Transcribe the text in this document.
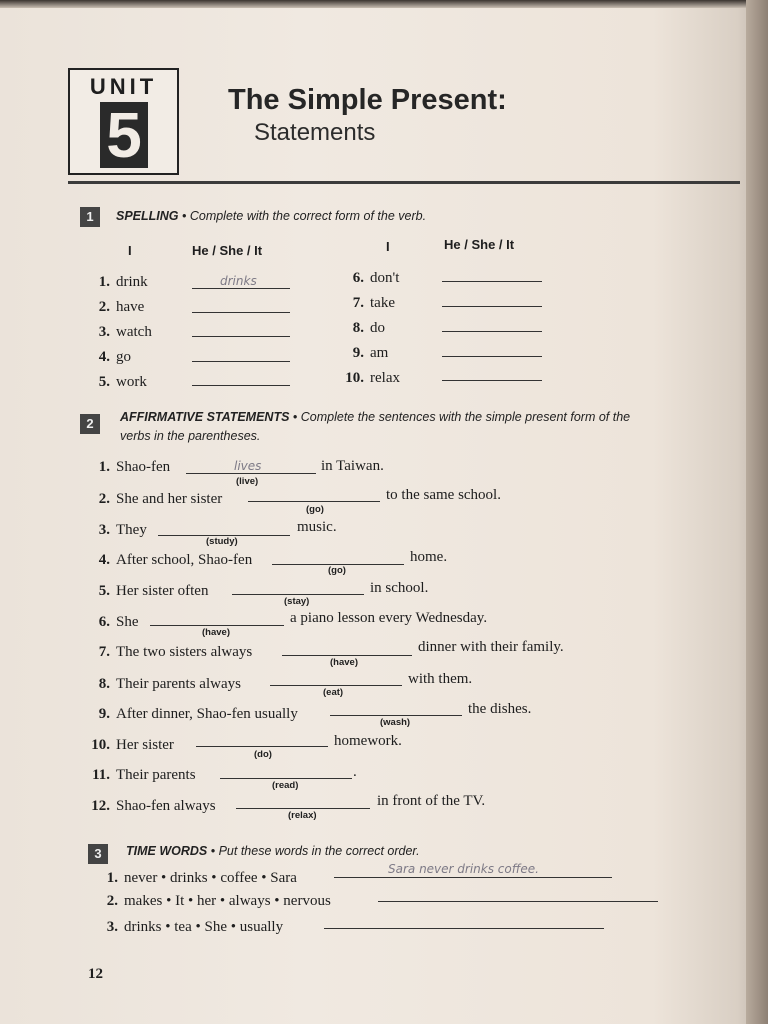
UNIT
5	The Simple Present:
Statements
1	SPELLING • Complete with the correct form of the verb.
I	He / She / It	I	He / She / It
1. drink	drinks
2. have
3. watch
4. go
5. work
6. don't
7. take
8. do
9. am
10. relax
2	AFFIRMATIVE STATEMENTS • Complete the sentences with the simple present form of the
verbs in the parentheses.
1. Shao-fen	lives
(live)
in Taiwan.
2. She and her sister
(go)
to the same school.
3. They
(study)
music.
4. After school, Shao-fen
(go)
home.
5. Her sister often
(stay)
in school.
6. She
(have)
a piano lesson every Wednesday.
7. The two sisters always
(have)
dinner with their family.
8. Their parents always
(eat)
with them.
9. After dinner, Shao-fen usually
(wash)
the dishes.
10. Her sister
(do)
homework.
11. Their parents
(read)
.
12. Shao-fen always
(relax)
in front of the TV.
3	TIME WORDS • Put these words in the correct order.
1. never • drinks • coffee • Sara
Sara never drinks coffee.
2. makes • It • her • always • nervous
3. drinks • tea • She • usually
12
